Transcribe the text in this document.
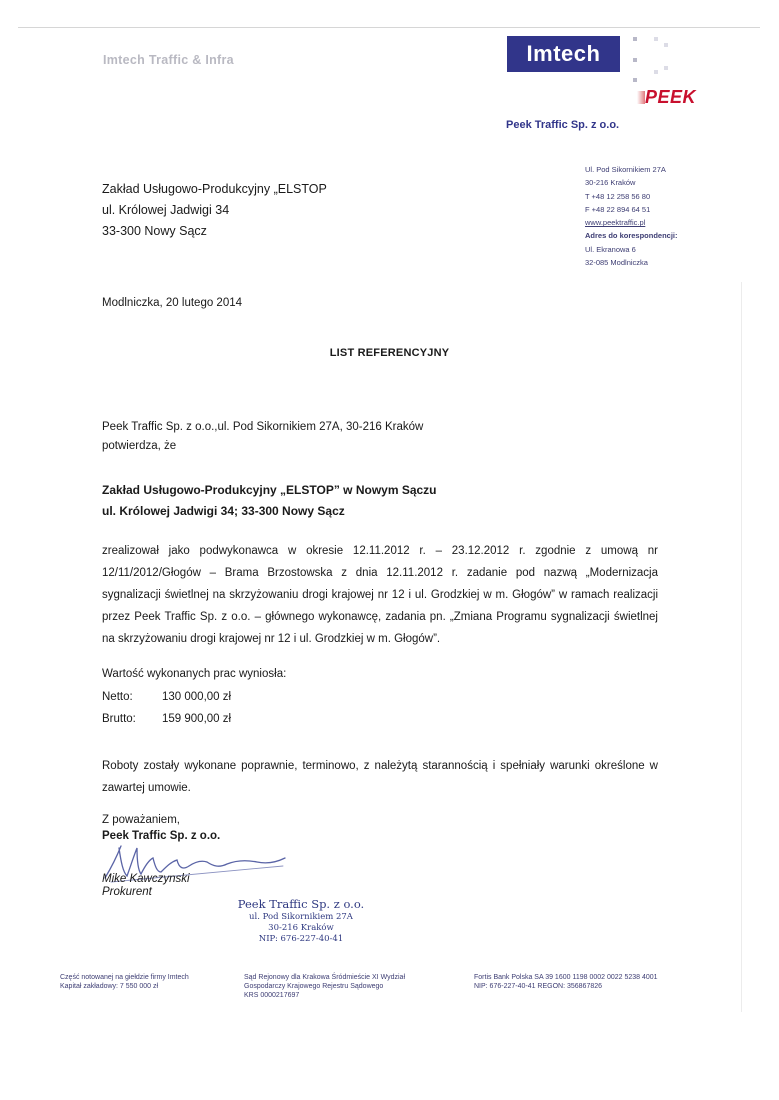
Imtech Traffic & Infra	Imtech
PEEK
Peek Traffic Sp. z o.o.
Ul. Pod Sikornikiem 27A
30-216 Kraków
T +48 12 258 56 80
F +48 22 894 64 51
www.peektraffic.pl
Adres do korespondencji:
Ul. Ekranowa 6
32-085 Modlniczka
Zakład Usługowo-Produkcyjny „ELSTOP
ul. Królowej Jadwigi 34
33-300 Nowy Sącz
Modlniczka, 20 lutego 2014
LIST REFERENCYJNY
Peek Traffic Sp. z o.o.,ul. Pod Sikornikiem 27A, 30-216 Kraków
potwierdza, że
Zakład Usługowo-Produkcyjny „ELSTOP” w Nowym Sączu
ul. Królowej Jadwigi 34; 33-300 Nowy Sącz
zrealizował jako podwykonawca w okresie 12.11.2012 r. – 23.12.2012 r. zgodnie z umową nr 12/11/2012/Głogów – Brama Brzostowska z dnia 12.11.2012 r. zadanie pod nazwą „Modernizacja sygnalizacji świetlnej na skrzyżowaniu drogi krajowej nr 12 i ul. Grodzkiej w m. Głogów” w ramach realizacji przez Peek Traffic Sp. z o.o. – głównego wykonawcę, zadania pn. „Zmiana Programu sygnalizacji świetlnej na skrzyżowaniu drogi krajowej nr 12 i ul. Grodzkiej w m. Głogów”.
Wartość wykonanych prac wyniosła:
Netto:	130 000,00 zł
Brutto: 159 900,00 zł
Roboty zostały wykonane poprawnie, terminowo, z należytą starannością i spełniały warunki określone w zawartej umowie.
Z poważaniem,
Peek Traffic Sp. z o.o.
Mike Kawczynski
Prokurent
Peek Traffic Sp. z o.o.
ul. Pod Sikornikiem 27A
30-216 Kraków
NIP: 676-227-40-41
Część notowanej na giełdzie firmy Imtech
Kapitał zakładowy: 7 550 000 zł
Sąd Rejonowy dla Krakowa Śródmieście XI Wydział
Gospodarczy Krajowego Rejestru Sądowego
KRS 0000217697
Fortis Bank Polska SA 39 1600 1198 0002 0022 5238 4001
NIP: 676-227-40-41 REGON: 356867826
